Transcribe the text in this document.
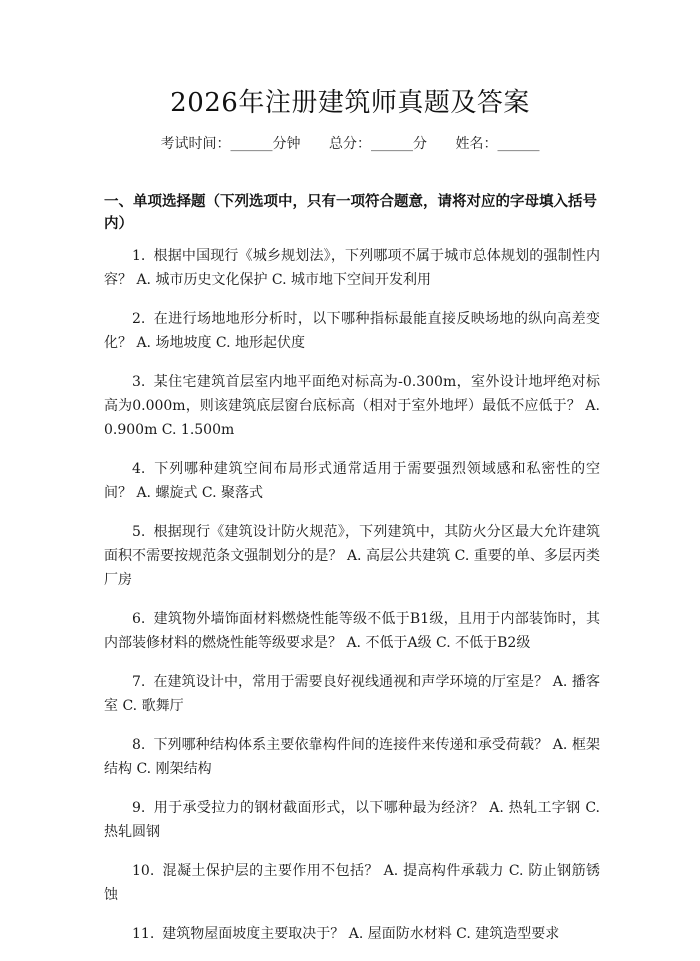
2026年注册建筑师真题及答案
考试时间：______分钟 总分：______分 姓名：______
一、单项选择题（下列选项中，只有一项符合题意，请将对应的字母填入括号内）

1. 根据中国现行《城乡规划法》，下列哪项不属于城市总体规划的强制性内容？ A. 城市历史文化保护 C. 城市地下空间开发利用

2. 在进行场地地形分析时，以下哪种指标最能直接反映场地的纵向高差变化？ A. 场地坡度 C. 地形起伏度

3. 某住宅建筑首层室内地平面绝对标高为-0.300m，室外设计地坪绝对标高为0.000m，则该建筑底层窗台底标高（相对于室外地坪）最低不应低于？ A. 0.900m C. 1.500m

4. 下列哪种建筑空间布局形式通常适用于需要强烈领域感和私密性的空间？ A. 螺旋式 C. 聚落式

5. 根据现行《建筑设计防火规范》，下列建筑中，其防火分区最大允许建筑面积不需要按规范条文强制划分的是？ A. 高层公共建筑 C. 重要的单、多层丙类厂房

6. 建筑物外墙饰面材料燃烧性能等级不低于B1级，且用于内部装饰时，其内部装修材料的燃烧性能等级要求是？ A. 不低于A级 C. 不低于B2级

7. 在建筑设计中，常用于需要良好视线通视和声学环境的厅室是？ A. 播客室 C. 歌舞厅

8. 下列哪种结构体系主要依靠构件间的连接件来传递和承受荷载？ A. 框架结构 C. 刚架结构

9. 用于承受拉力的钢材截面形式，以下哪种最为经济？ A. 热轧工字钢 C. 热轧圆钢

10. 混凝土保护层的主要作用不包括？ A. 提高构件承载力 C. 防止钢筋锈蚀

11. 建筑物屋面坡度主要取决于？ A. 屋面防水材料 C. 建筑造型要求
